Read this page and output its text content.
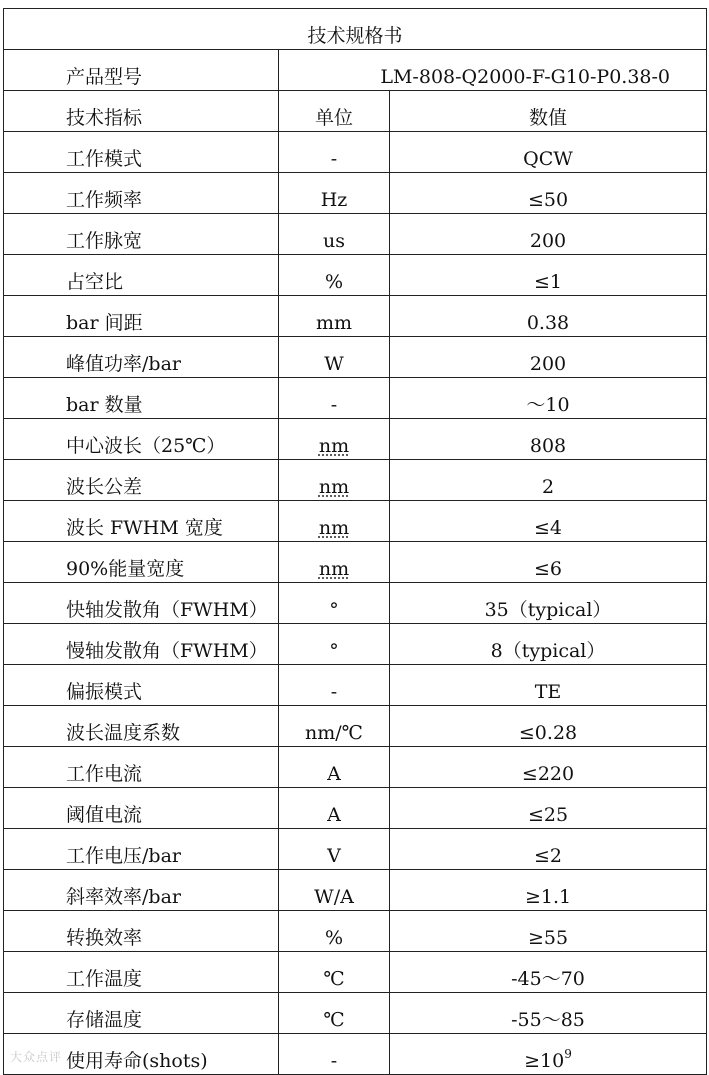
技术规格书		

产品型号	LM-808-Q2000-F-G10-P0.38-0	

技术指标	单位	数值

工作模式	-	QCW

工作频率	Hz	≤50

工作脉宽	us	200

占空比	%	≤1

bar 间距	mm	0.38

峰值功率/bar	W	200

bar 数量	-	～10

中心波长（25℃）	nm	808

波长公差	nm	2

波长 FWHM 宽度	nm	≤4

90%能量宽度	nm	≤6

快轴发散角（FWHM）	°	35（typical）

慢轴发散角（FWHM）	°	8（typical）

偏振模式	-	TE

波长温度系数	nm/℃	≤0.28

工作电流	A	≤220

阈值电流	A	≤25

工作电压/bar	V	≤2

斜率效率/bar	W/A	≥1.1

转换效率	%	≥55

工作温度	℃	-45～70

存储温度	℃	-55～85

使用寿命(shots)	-	$\ge 10^9$
大众点评
